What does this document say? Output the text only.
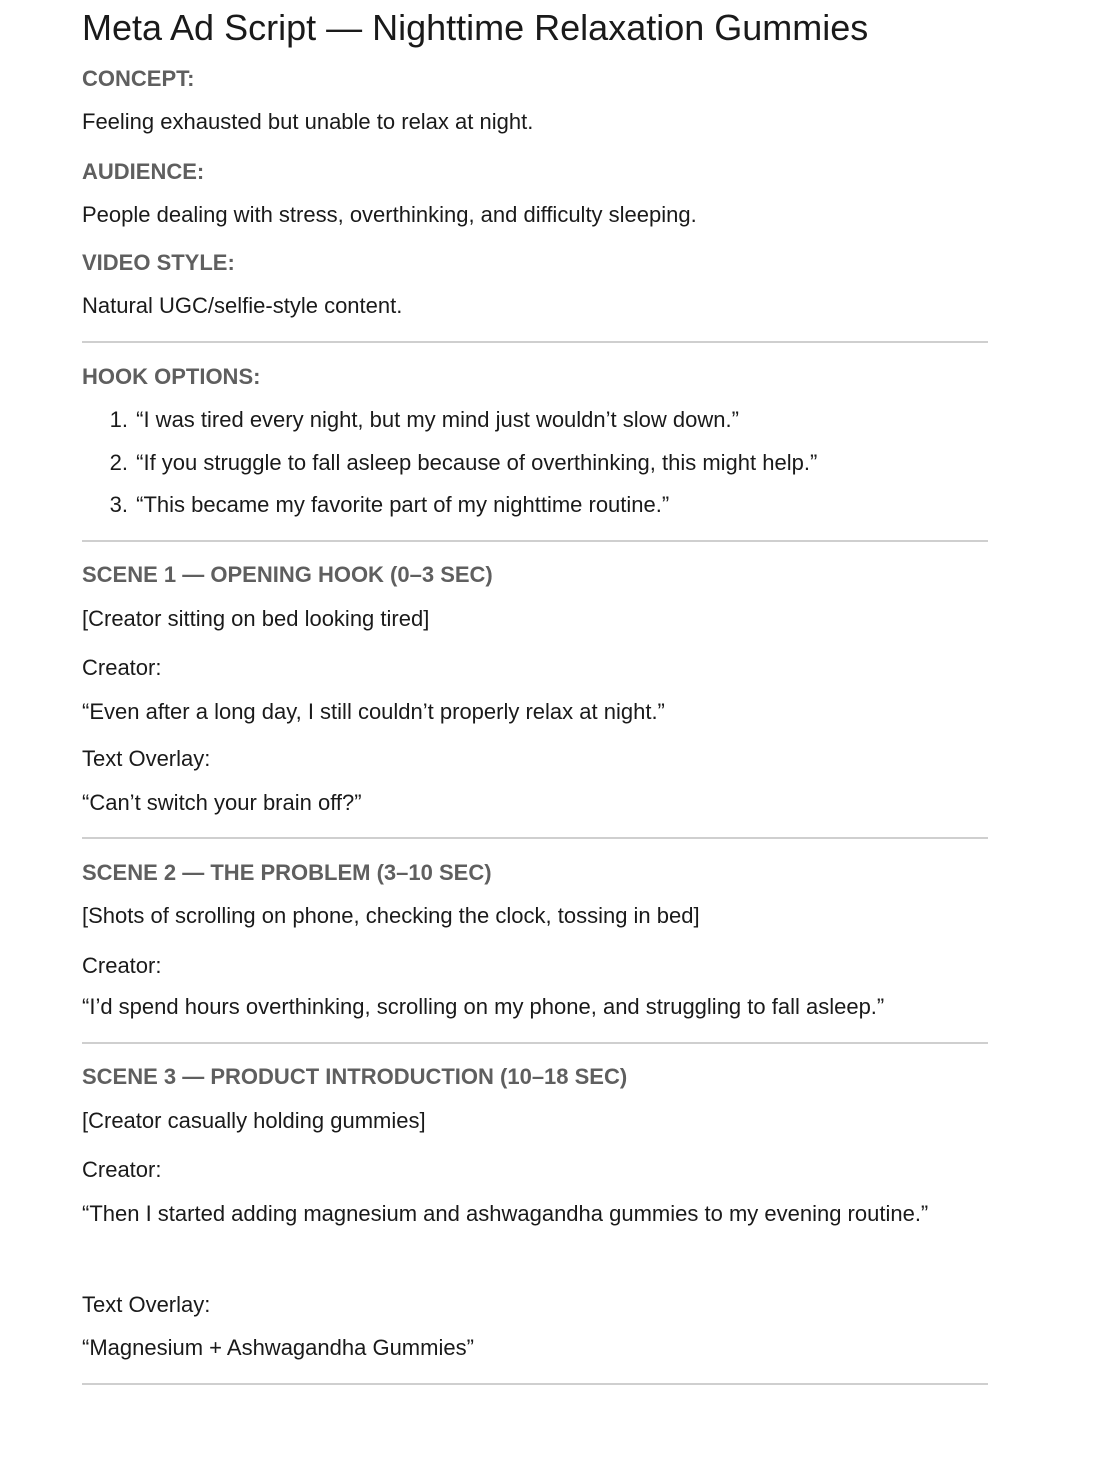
Meta Ad Script — Nighttime Relaxation Gummies

CONCEPT:

Feeling exhausted but unable to relax at night.

AUDIENCE:

People dealing with stress, overthinking, and difficulty sleeping.

VIDEO STYLE:

Natural UGC/selfie-style content.

HOOK OPTIONS:

1. “I was tired every night, but my mind just wouldn’t slow down.”
2. “If you struggle to fall asleep because of overthinking, this might help.”
3. “This became my favorite part of my nighttime routine.”

SCENE 1 — OPENING HOOK (0–3 SEC)

[Creator sitting on bed looking tired]

Creator:

“Even after a long day, I still couldn’t properly relax at night.”

Text Overlay:

“Can’t switch your brain off?”

SCENE 2 — THE PROBLEM (3–10 SEC)

[Shots of scrolling on phone, checking the clock, tossing in bed]

Creator:

“I’d spend hours overthinking, scrolling on my phone, and struggling to fall asleep.”

SCENE 3 — PRODUCT INTRODUCTION (10–18 SEC)

[Creator casually holding gummies]

Creator:

“Then I started adding magnesium and ashwagandha gummies to my evening routine.”

Text Overlay:

“Magnesium + Ashwagandha Gummies”
